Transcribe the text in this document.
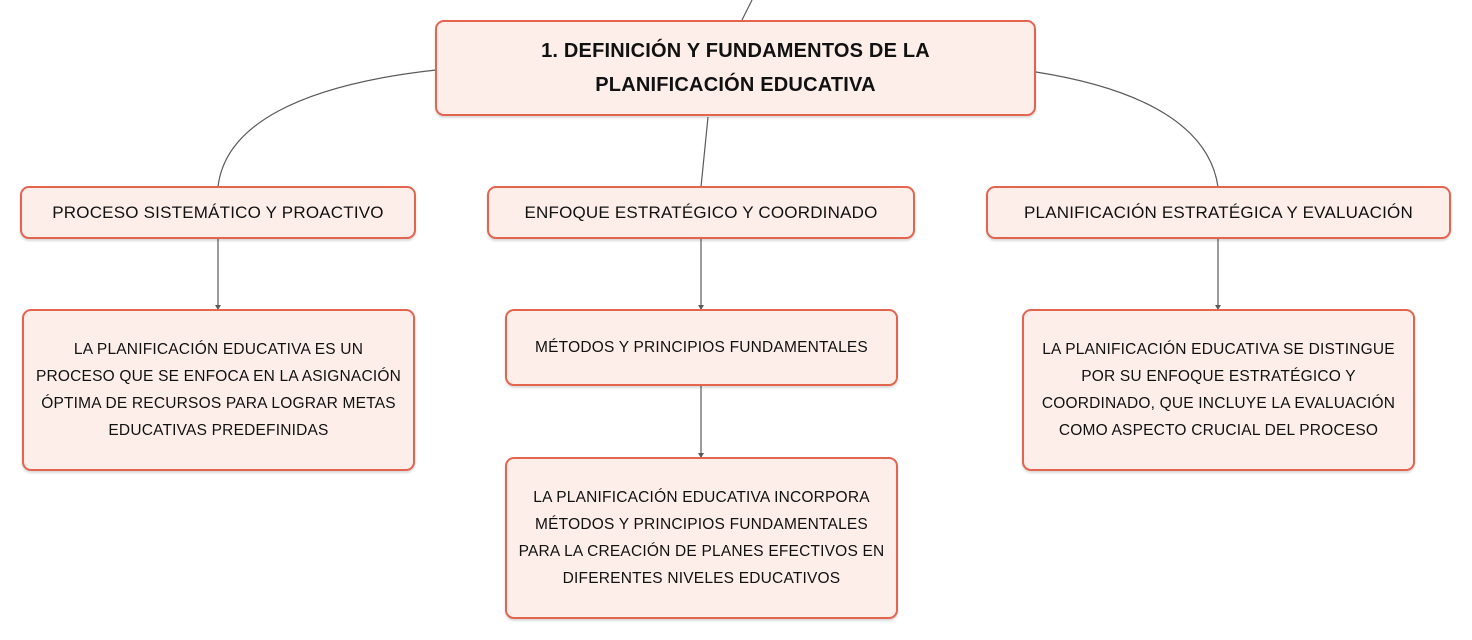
1. DEFINICIÓN Y FUNDAMENTOS DE LA PLANIFICACIÓN EDUCATIVA
PROCESO SISTEMÁTICO Y PROACTIVO	ENFOQUE ESTRATÉGICO Y COORDINADO	PLANIFICACIÓN ESTRATÉGICA Y EVALUACIÓN
LA PLANIFICACIÓN EDUCATIVA ES UN PROCESO QUE SE ENFOCA EN LA ASIGNACIÓN ÓPTIMA DE RECURSOS PARA LOGRAR METAS EDUCATIVAS PREDEFINIDAS
MÉTODOS Y PRINCIPIOS FUNDAMENTALES
LA PLANIFICACIÓN EDUCATIVA INCORPORA MÉTODOS Y PRINCIPIOS FUNDAMENTALES PARA LA CREACIÓN DE PLANES EFECTIVOS EN DIFERENTES NIVELES EDUCATIVOS
LA PLANIFICACIÓN EDUCATIVA SE DISTINGUE POR SU ENFOQUE ESTRATÉGICO Y COORDINADO, QUE INCLUYE LA EVALUACIÓN COMO ASPECTO CRUCIAL DEL PROCESO
